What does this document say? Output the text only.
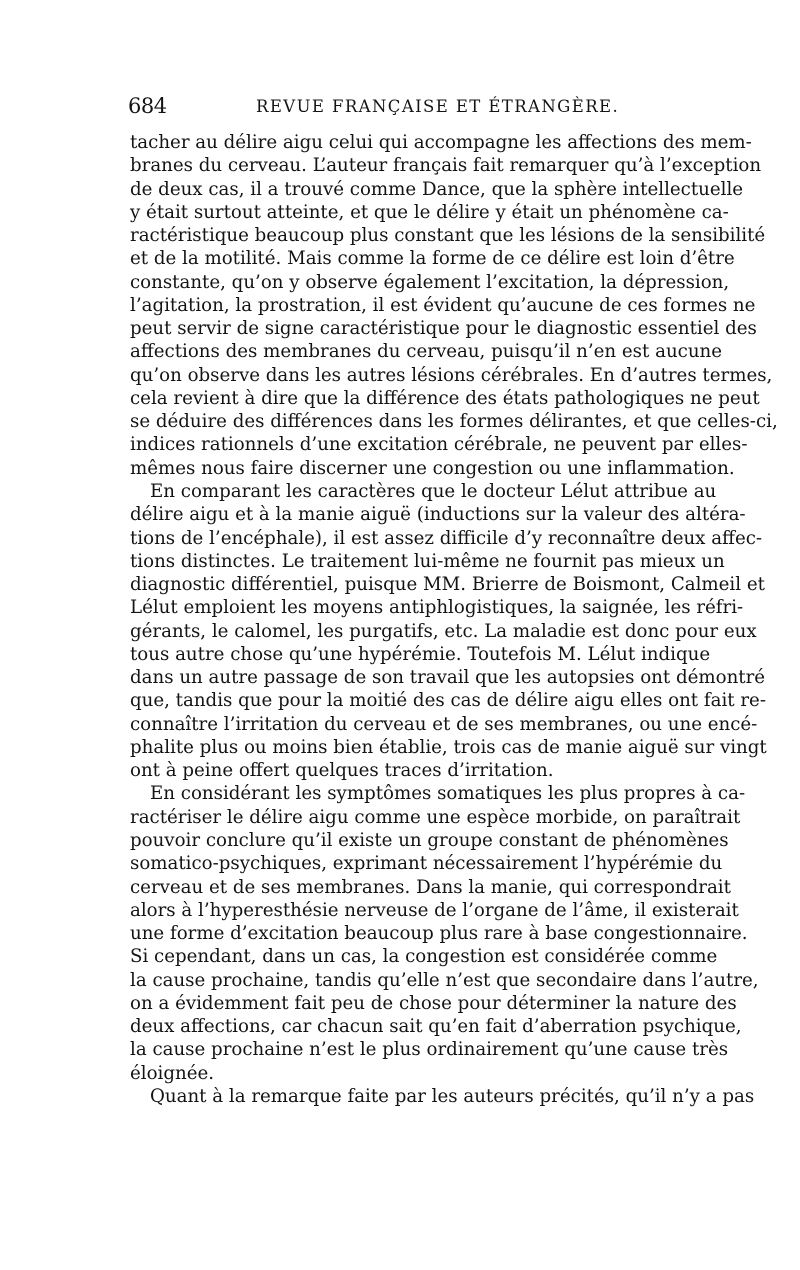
684	REVUE FRANÇAISE ET ÉTRANGÈRE.
tacher au délire aigu celui qui accompagne les affections des mem-
branes du cerveau. L’auteur français fait remarquer qu’à l’exception
de deux cas, il a trouvé comme Dance, que la sphère intellectuelle
y était surtout atteinte, et que le délire y était un phénomène ca-
ractéristique beaucoup plus constant que les lésions de la sensibilité
et de la motilité. Mais comme la forme de ce délire est loin d’être
constante, qu’on y observe également l’excitation, la dépression,
l’agitation, la prostration, il est évident qu’aucune de ces formes ne
peut servir de signe caractéristique pour le diagnostic essentiel des
affections des membranes du cerveau, puisqu’il n’en est aucune
qu’on observe dans les autres lésions cérébrales. En d’autres termes,
cela revient à dire que la différence des états pathologiques ne peut
se déduire des différences dans les formes délirantes, et que celles-ci,
indices rationnels d’une excitation cérébrale, ne peuvent par elles-
mêmes nous faire discerner une congestion ou une inflammation.
En comparant les caractères que le docteur Lélut attribue au
délire aigu et à la manie aiguë (inductions sur la valeur des altéra-
tions de l’encéphale), il est assez difficile d’y reconnaître deux affec-
tions distinctes. Le traitement lui-même ne fournit pas mieux un
diagnostic différentiel, puisque MM. Brierre de Boismont, Calmeil et
Lélut emploient les moyens antiphlogistiques, la saignée, les réfri-
gérants, le calomel, les purgatifs, etc. La maladie est donc pour eux
tous autre chose qu’une hypérémie. Toutefois M. Lélut indique
dans un autre passage de son travail que les autopsies ont démontré
que, tandis que pour la moitié des cas de délire aigu elles ont fait re-
connaître l’irritation du cerveau et de ses membranes, ou une encé-
phalite plus ou moins bien établie, trois cas de manie aiguë sur vingt
ont à peine offert quelques traces d’irritation.
En considérant les symptômes somatiques les plus propres à ca-
ractériser le délire aigu comme une espèce morbide, on paraîtrait
pouvoir conclure qu’il existe un groupe constant de phénomènes
somatico-psychiques, exprimant nécessairement l’hypérémie du
cerveau et de ses membranes. Dans la manie, qui correspondrait
alors à l’hyperesthésie nerveuse de l’organe de l’âme, il existerait
une forme d’excitation beaucoup plus rare à base congestionnaire.
Si cependant, dans un cas, la congestion est considérée comme
la cause prochaine, tandis qu’elle n’est que secondaire dans l’autre,
on a évidemment fait peu de chose pour déterminer la nature des
deux affections, car chacun sait qu’en fait d’aberration psychique,
la cause prochaine n’est le plus ordinairement qu’une cause très
éloignée.
Quant à la remarque faite par les auteurs précités, qu’il n’y a pas
